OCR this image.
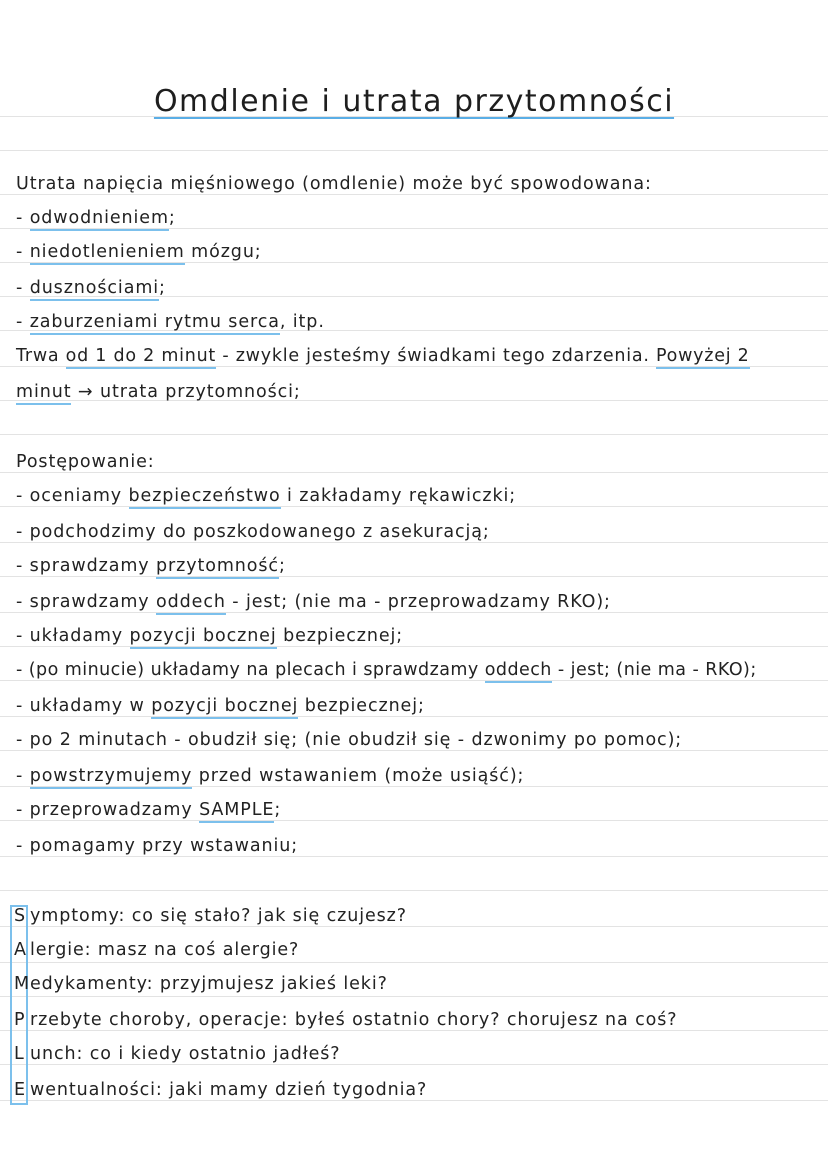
Omdlenie i utrata przytomności
Utrata napięcia mięśniowego (omdlenie) może być spowodowana:
- odwodnieniem;
- niedotlenieniem mózgu;
- dusznościami;
- zaburzeniami rytmu serca, itp.
Trwa od 1 do 2 minut - zwykle jesteśmy świadkami tego zdarzenia. Powyżej 2
minut → utrata przytomności;
Postępowanie:
- oceniamy bezpieczeństwo i zakładamy rękawiczki;
- podchodzimy do poszkodowanego z asekuracją;
- sprawdzamy przytomność;
- sprawdzamy oddech - jest; (nie ma - przeprowadzamy RKO);
- układamy pozycji bocznej bezpiecznej;
- (po minucie) układamy na plecach i sprawdzamy oddech - jest; (nie ma - RKO);
- układamy w pozycji bocznej bezpiecznej;
- po 2 minutach - obudził się; (nie obudził się - dzwonimy po pomoc);
- powstrzymujemy przed wstawaniem (może usiąść);
- przeprowadzamy SAMPLE;
- pomagamy przy wstawaniu;
S ymptomy: co się stało? jak się czujesz?
A lergie: masz na coś alergie?
Medykamenty: przyjmujesz jakieś leki?
P rzebyte choroby, operacje: byłeś ostatnio chory? chorujesz na coś?
L unch: co i kiedy ostatnio jadłeś?
E wentualności: jaki mamy dzień tygodnia?
